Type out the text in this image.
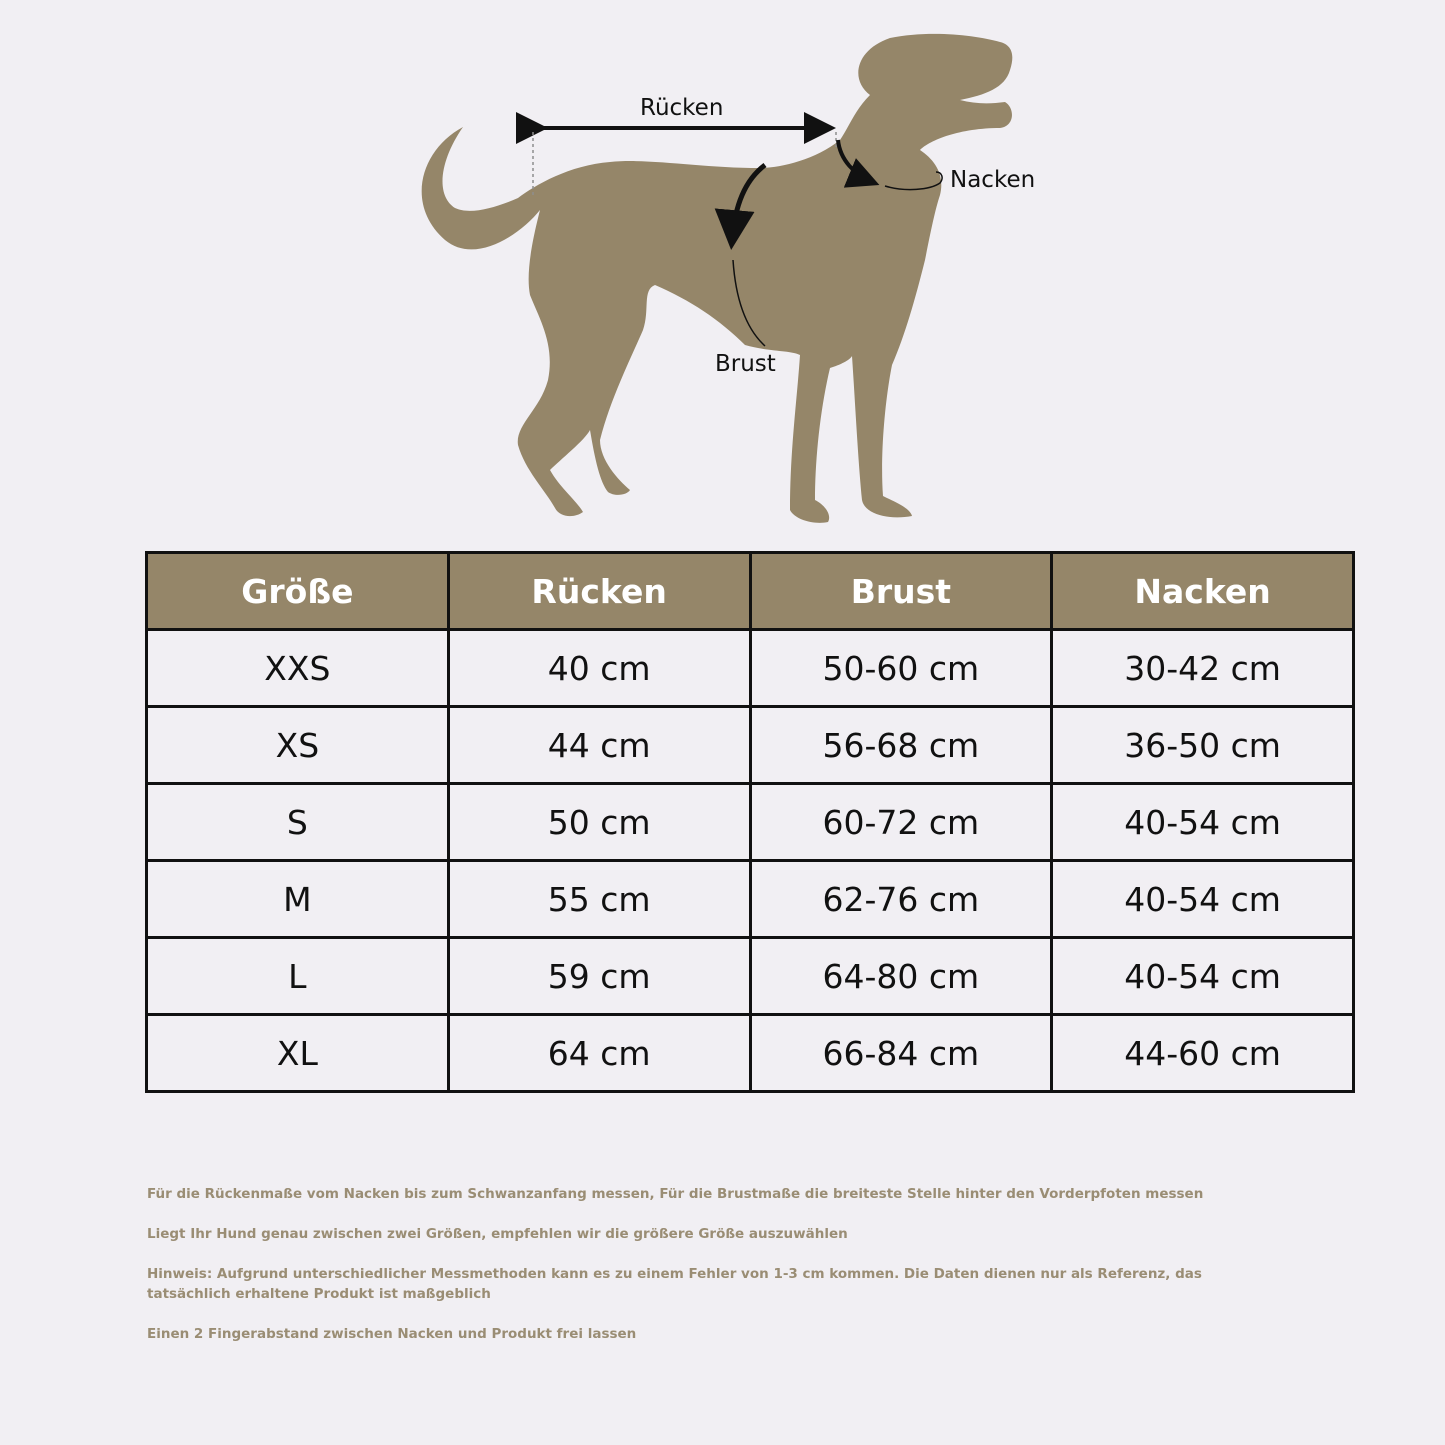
Rücken
Nacken
Brust
Größe	Rücken	Brust	Nacken
XXS	40 cm	50-60 cm	30-42 cm
XS	44 cm	56-68 cm	36-50 cm
S	50 cm	60-72 cm	40-54 cm
M	55 cm	62-76 cm	40-54 cm
L	59 cm	64-80 cm	40-54 cm
XL	64 cm	66-84 cm	44-60 cm

Für die Rückenmaße vom Nacken bis zum Schwanzanfang messen, Für die Brustmaße die breiteste Stelle hinter den Vorderpfoten messen

Liegt Ihr Hund genau zwischen zwei Größen, empfehlen wir die größere Größe auszuwählen

Hinweis: Aufgrund unterschiedlicher Messmethoden kann es zu einem Fehler von 1-3 cm kommen. Die Daten dienen nur als Referenz, das tatsächlich erhaltene Produkt ist maßgeblich

Einen 2 Fingerabstand zwischen Nacken und Produkt frei lassen
